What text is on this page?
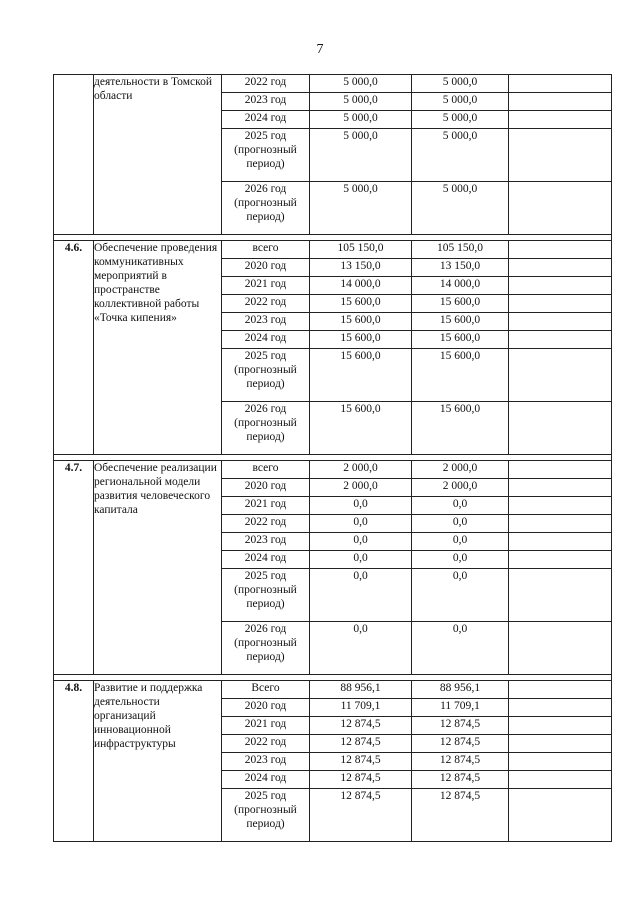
7
	деятельности в Томской области	2022 год	5 000,0	5 000,0	
		2023 год	5 000,0	5 000,0	
		2024 год	5 000,0	5 000,0	
		2025 год (прогнозный период)	5 000,0	5 000,0	
		2026 год (прогнозный период)	5 000,0	5 000,0	

4.6.	Обеспечение проведения коммуникативных мероприятий в пространстве коллективной работы «Точка кипения»	всего	105 150,0	105 150,0	
		2020 год	13 150,0	13 150,0	
		2021 год	14 000,0	14 000,0	
		2022 год	15 600,0	15 600,0	
		2023 год	15 600,0	15 600,0	
		2024 год	15 600,0	15 600,0	
		2025 год (прогнозный период)	15 600,0	15 600,0	
		2026 год (прогнозный период)	15 600,0	15 600,0	

4.7.	Обеспечение реализации региональной модели развития человеческого капитала	всего	2 000,0	2 000,0	
		2020 год	2 000,0	2 000,0	
		2021 год	0,0	0,0	
		2022 год	0,0	0,0	
		2023 год	0,0	0,0	
		2024 год	0,0	0,0	
		2025 год (прогнозный период)	0,0	0,0	
		2026 год (прогнозный период)	0,0	0,0	

4.8.	Развитие и поддержка деятельности организаций инновационной инфраструктуры	Всего	88 956,1	88 956,1	
		2020 год	11 709,1	11 709,1	
		2021 год	12 874,5	12 874,5	
		2022 год	12 874,5	12 874,5	
		2023 год	12 874,5	12 874,5	
		2024 год	12 874,5	12 874,5	
		2025 год (прогнозный период)	12 874,5	12 874,5	
